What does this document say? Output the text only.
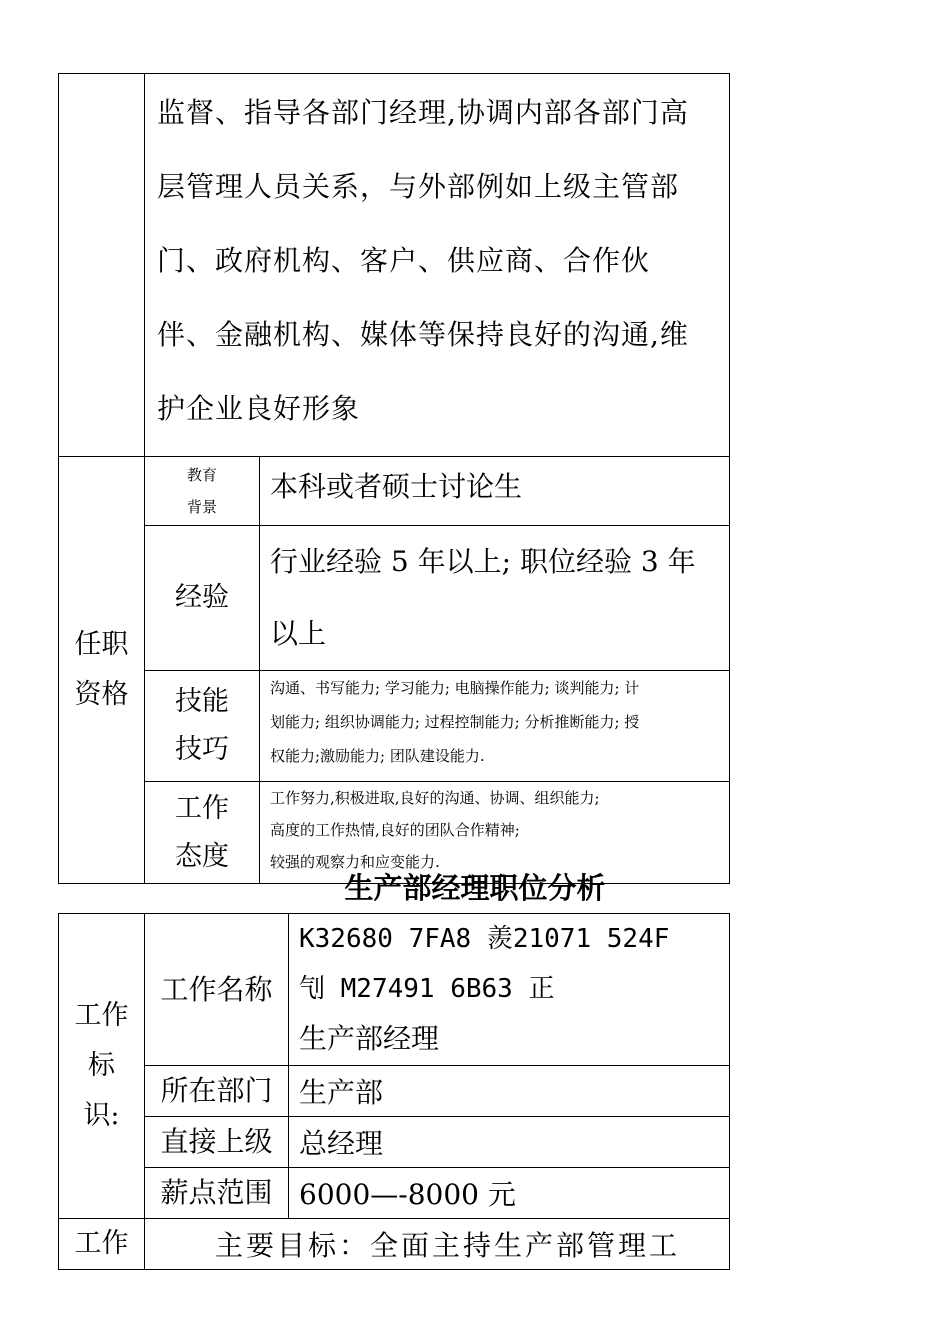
	监督、指导各部门经理,协调内部各部门高
层管理人员关系，与外部例如上级主管部
门、政府机构、客户、供应商、合作伙
伴、金融机构、媒体等保持良好的沟通,维
护企业良好形象	

任职
资格	教育
背景	本科或者硕士讨论生
	经验	行业经验 5 年以上; 职位经验 3 年
以上

	技能
技巧	沟通、书写能力; 学习能力; 电脑操作能力; 谈判能力; 计
划能力; 组织协调能力; 过程控制能力; 分析推断能力; 授
权能力;激励能力; 团队建设能力.

	工作
态度	工作努力,积极进取,良好的沟通、协调、组织能力;
高度的工作热情,良好的团队合作精神;
较强的观察力和应变能力.
生产部经理职位分析
工作
标
识:	工作名称	K32680 7FA8 羨21071 524F
刏 M27491 6B63 正
生产部经理

	所在部门	生产部
	直接上级	总经理
	薪点范围	6000—-8000 元
工作	主要目标：全面主持生产部管理工	
